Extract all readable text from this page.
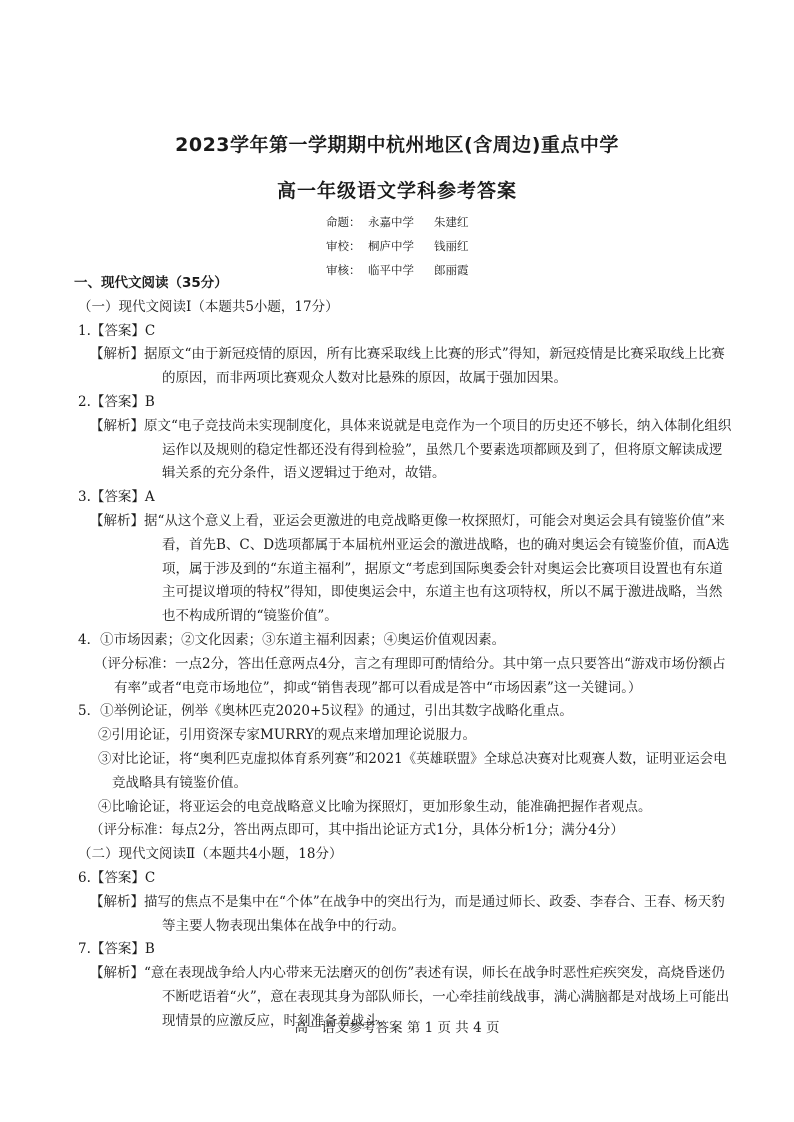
2023学年第一学期期中杭州地区(含周边)重点中学
高一年级语文学科参考答案
命题： 永嘉中学 朱建红
审校： 桐庐中学 钱丽红
审核： 临平中学 郎丽霞

一、现代文阅读（35分）

（一）现代文阅读Ⅰ（本题共5小题，17分）

1.【答案】C

【解析】据原文“由于新冠疫情的原因，所有比赛采取线上比赛的形式”得知，新冠疫情是比赛采取线上比赛的原因，而非两项比赛观众人数对比悬殊的原因，故属于强加因果。

2.【答案】B

【解析】原文“电子竞技尚未实现制度化，具体来说就是电竞作为一个项目的历史还不够长，纳入体制化组织运作以及规则的稳定性都还没有得到检验”，虽然几个要素选项都顾及到了，但将原文解读成逻辑关系的充分条件，语义逻辑过于绝对，故错。

3.【答案】A

【解析】据“从这个意义上看，亚运会更激进的电竞战略更像一枚探照灯，可能会对奥运会具有镜鉴价值”来看，首先B、C、D选项都属于本届杭州亚运会的激进战略，也的确对奥运会有镜鉴价值，而A选项，属于涉及到的“东道主福利”，据原文“考虑到国际奥委会针对奥运会比赛项目设置也有东道主可提议增项的特权”得知，即使奥运会中，东道主也有这项特权，所以不属于激进战略，当然也不构成所谓的“镜鉴价值”。

4．①市场因素；②文化因素；③东道主福利因素；④奥运价值观因素。

（评分标准：一点2分，答出任意两点4分，言之有理即可酌情给分。其中第一点只要答出“游戏市场份额占有率”或者“电竞市场地位”，抑或“销售表现”都可以看成是答中“市场因素”这一关键词。）

5．①举例论证，例举《奥林匹克2020+5议程》的通过，引出其数字战略化重点。

②引用论证，引用资深专家MURRY的观点来增加理论说服力。

③对比论证，将“奥利匹克虚拟体育系列赛”和2021《英雄联盟》全球总决赛对比观赛人数，证明亚运会电竞战略具有镜鉴价值。

④比喻论证，将亚运会的电竞战略意义比喻为探照灯，更加形象生动，能准确把握作者观点。

（评分标准：每点2分，答出两点即可，其中指出论证方式1分，具体分析1分；满分4分）

（二）现代文阅读Ⅱ（本题共4小题，18分）

6.【答案】C

【解析】描写的焦点不是集中在“个体”在战争中的突出行为，而是通过师长、政委、李春合、王春、杨天豹等主要人物表现出集体在战争中的行动。

7.【答案】B

【解析】“意在表现战争给人内心带来无法磨灭的创伤”表述有误，师长在战争时恶性疟疾突发，高烧昏迷仍不断呓语着“火”，意在表现其身为部队师长，一心牵挂前线战事，满心满脑都是对战场上可能出现情景的应激反应，时刻准备着战斗。

高一语文参考答案 第 1 页 共 4 页
